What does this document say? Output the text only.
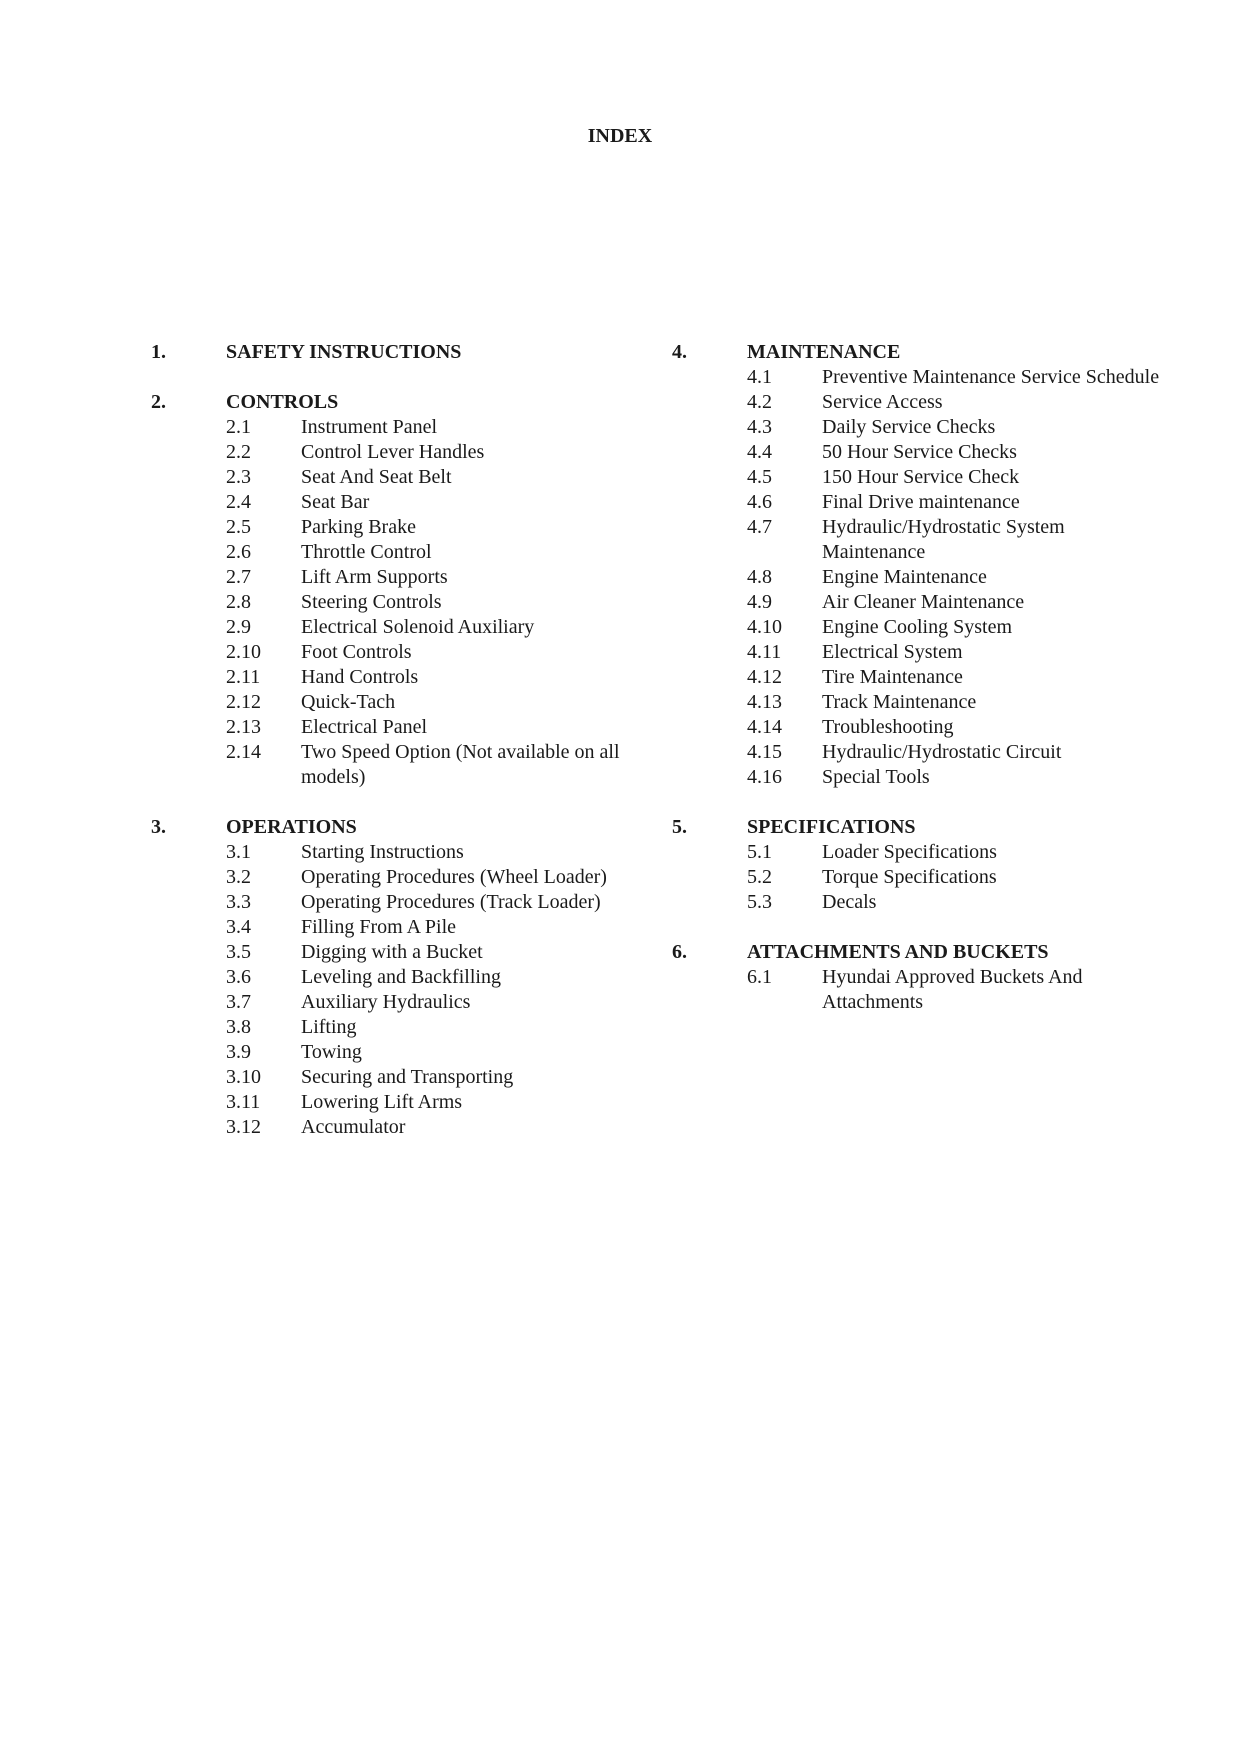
INDEX
1.	SAFETY INSTRUCTIONS
2.	CONTROLS
2.1	Instrument Panel
2.2	Control Lever Handles
2.3	Seat And Seat Belt
2.4	Seat Bar
2.5	Parking Brake
2.6	Throttle Control
2.7	Lift Arm Supports
2.8	Steering Controls
2.9	Electrical Solenoid Auxiliary
2.10	Foot Controls
2.11	Hand Controls
2.12	Quick-Tach
2.13	Electrical Panel
2.14	Two Speed Option (Not available on all models)
3.	OPERATIONS
3.1	Starting Instructions
3.2	Operating Procedures (Wheel Loader)
3.3	Operating Procedures (Track Loader)
3.4	Filling From A Pile
3.5	Digging with a Bucket
3.6	Leveling and Backfilling
3.7	Auxiliary Hydraulics
3.8	Lifting
3.9	Towing
3.10	Securing and Transporting
3.11	Lowering Lift Arms
3.12	Accumulator
4.	MAINTENANCE
4.1	Preventive Maintenance Service Schedule
4.2	Service Access
4.3	Daily Service Checks
4.4	50 Hour Service Checks
4.5	150 Hour Service Check
4.6	Final Drive maintenance
4.7	Hydraulic/Hydrostatic System Maintenance
4.8	Engine Maintenance
4.9	Air Cleaner Maintenance
4.10	Engine Cooling System
4.11	Electrical System
4.12	Tire Maintenance
4.13	Track Maintenance
4.14	Troubleshooting
4.15	Hydraulic/Hydrostatic Circuit
4.16	Special Tools
5.	SPECIFICATIONS
5.1	Loader Specifications
5.2	Torque Specifications
5.3	Decals
6.	ATTACHMENTS AND BUCKETS
6.1	Hyundai Approved Buckets And Attachments
